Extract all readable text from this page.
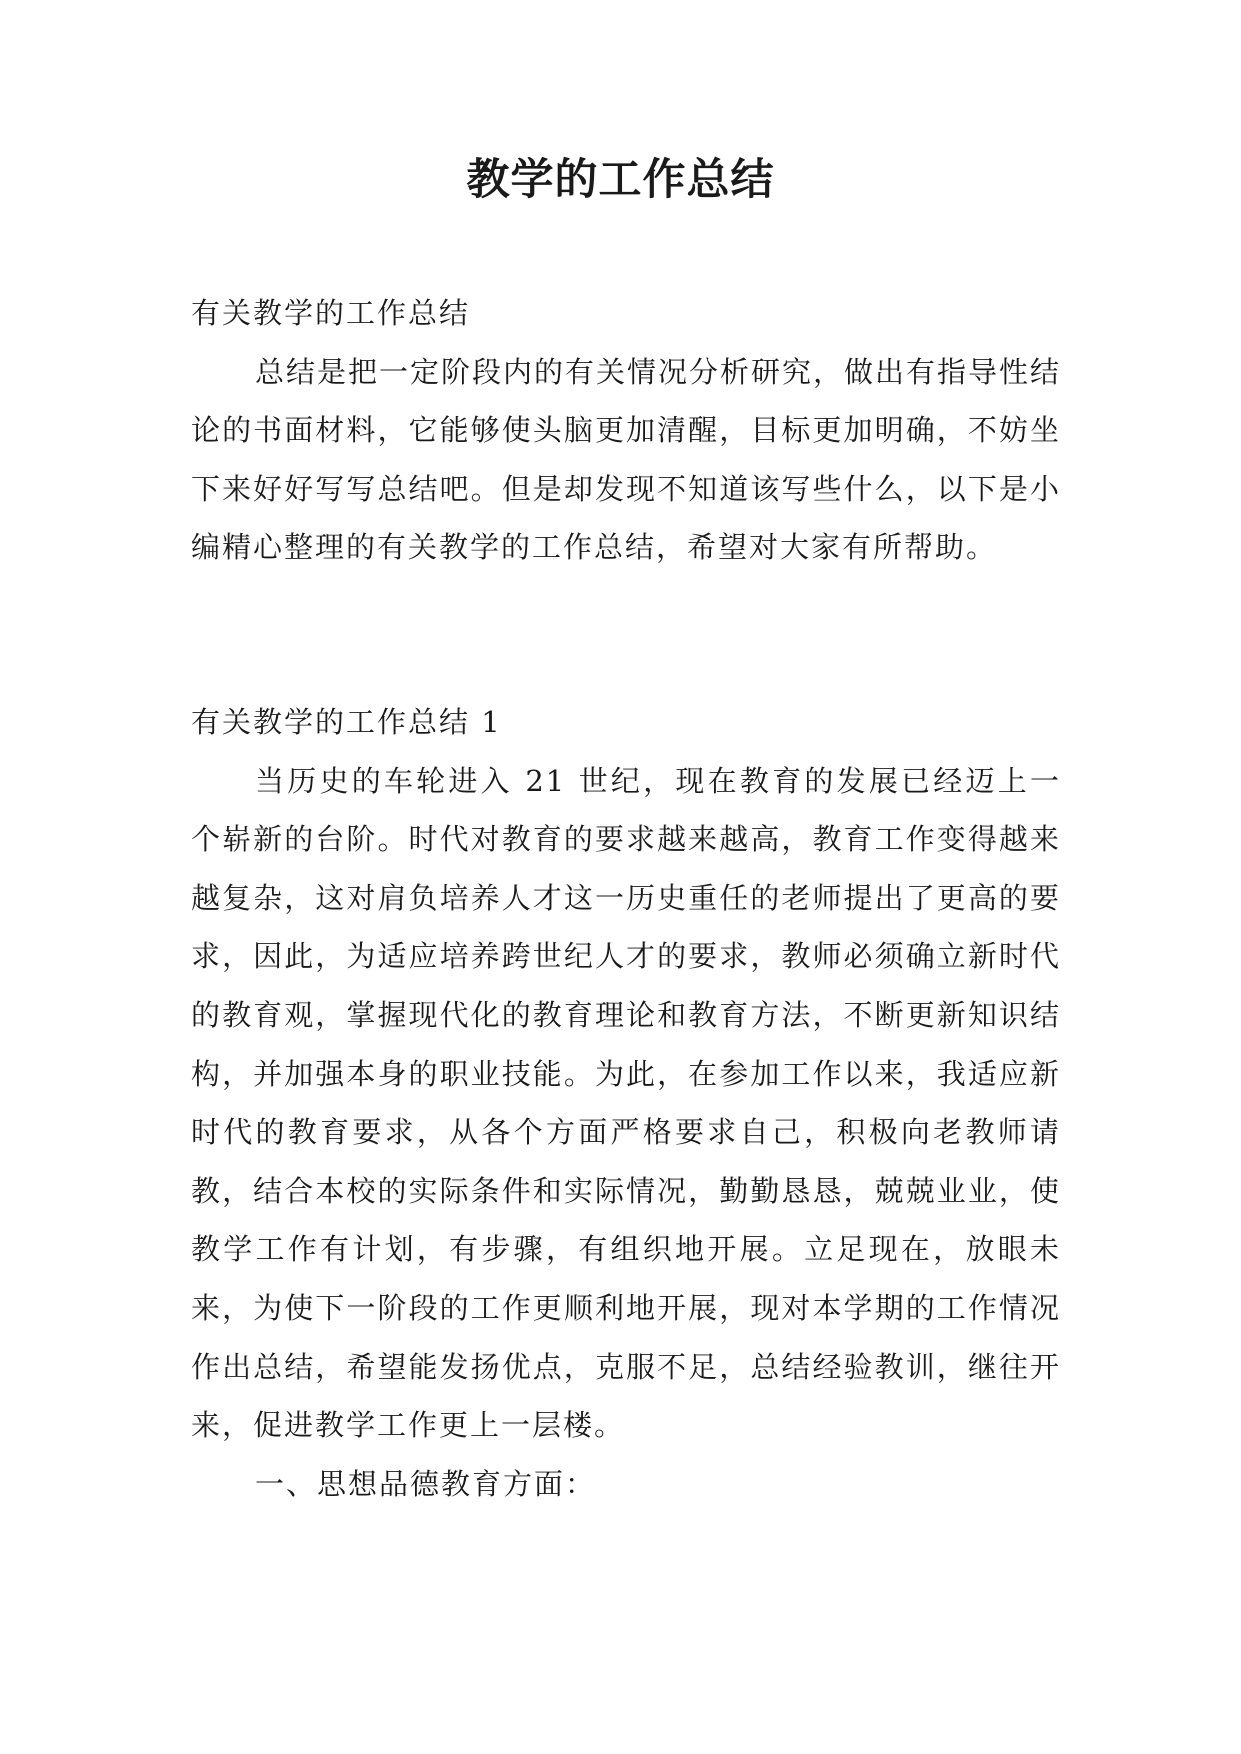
教学的工作总结

有关教学的工作总结

总结是把一定阶段内的有关情况分析研究，做出有指导性结论的书面材料，它能够使头脑更加清醒，目标更加明确，不妨坐下来好好写写总结吧。但是却发现不知道该写些什么，以下是小编精心整理的有关教学的工作总结，希望对大家有所帮助。

有关教学的工作总结 1

当历史的车轮进入 21 世纪，现在教育的发展已经迈上一个崭新的台阶。时代对教育的要求越来越高，教育工作变得越来越复杂，这对肩负培养人才这一历史重任的老师提出了更高的要求，因此，为适应培养跨世纪人才的要求，教师必须确立新时代的教育观，掌握现代化的教育理论和教育方法，不断更新知识结构，并加强本身的职业技能。为此，在参加工作以来，我适应新时代的教育要求，从各个方面严格要求自己，积极向老教师请教，结合本校的实际条件和实际情况，勤勤恳恳，兢兢业业，使教学工作有计划，有步骤，有组织地开展。立足现在，放眼未来，为使下一阶段的工作更顺利地开展，现对本学期的工作情况作出总结，希望能发扬优点，克服不足，总结经验教训，继往开来，促进教学工作更上一层楼。

一、思想品德教育方面：
